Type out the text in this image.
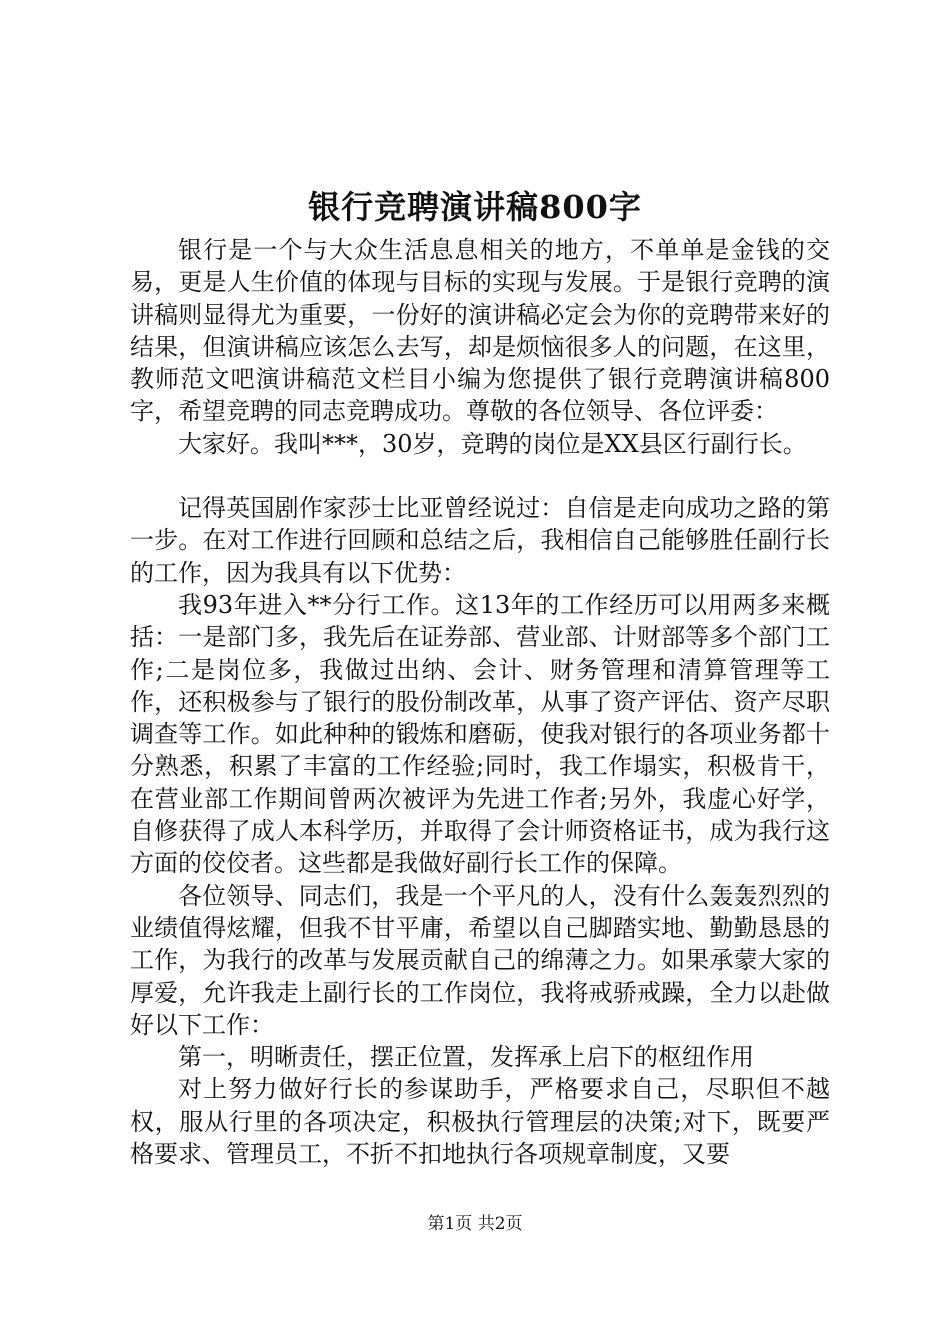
银行竞聘演讲稿800字

银行是一个与大众生活息息相关的地方，不单单是金钱的交易，更是人生价值的体现与目标的实现与发展。于是银行竞聘的演讲稿则显得尤为重要，一份好的演讲稿必定会为你的竞聘带来好的结果，但演讲稿应该怎么去写，却是烦恼很多人的问题，在这里，教师范文吧演讲稿范文栏目小编为您提供了银行竞聘演讲稿800字，希望竞聘的同志竞聘成功。尊敬的各位领导、各位评委：

大家好。我叫***，30岁，竞聘的岗位是XX县区行副行长。

记得英国剧作家莎士比亚曾经说过：自信是走向成功之路的第一步。在对工作进行回顾和总结之后，我相信自己能够胜任副行长的工作，因为我具有以下优势：

我93年进入**分行工作。这13年的工作经历可以用两多来概括：一是部门多，我先后在证券部、营业部、计财部等多个部门工作;二是岗位多，我做过出纳、会计、财务管理和清算管理等工作，还积极参与了银行的股份制改革，从事了资产评估、资产尽职调查等工作。如此种种的锻炼和磨砺，使我对银行的各项业务都十分熟悉，积累了丰富的工作经验;同时，我工作塌实，积极肯干，在营业部工作期间曾两次被评为先进工作者;另外，我虚心好学，自修获得了成人本科学历，并取得了会计师资格证书，成为我行这方面的佼佼者。这些都是我做好副行长工作的保障。

各位领导、同志们，我是一个平凡的人，没有什么轰轰烈烈的业绩值得炫耀，但我不甘平庸，希望以自己脚踏实地、勤勤恳恳的工作，为我行的改革与发展贡献自己的绵薄之力。如果承蒙大家的厚爱，允许我走上副行长的工作岗位，我将戒骄戒躁，全力以赴做好以下工作：

第一，明晰责任，摆正位置，发挥承上启下的枢纽作用

对上努力做好行长的参谋助手，严格要求自己，尽职但不越权，服从行里的各项决定，积极执行管理层的决策;对下，既要严格要求、管理员工，不折不扣地执行各项规章制度，又要

第1页 共2页
